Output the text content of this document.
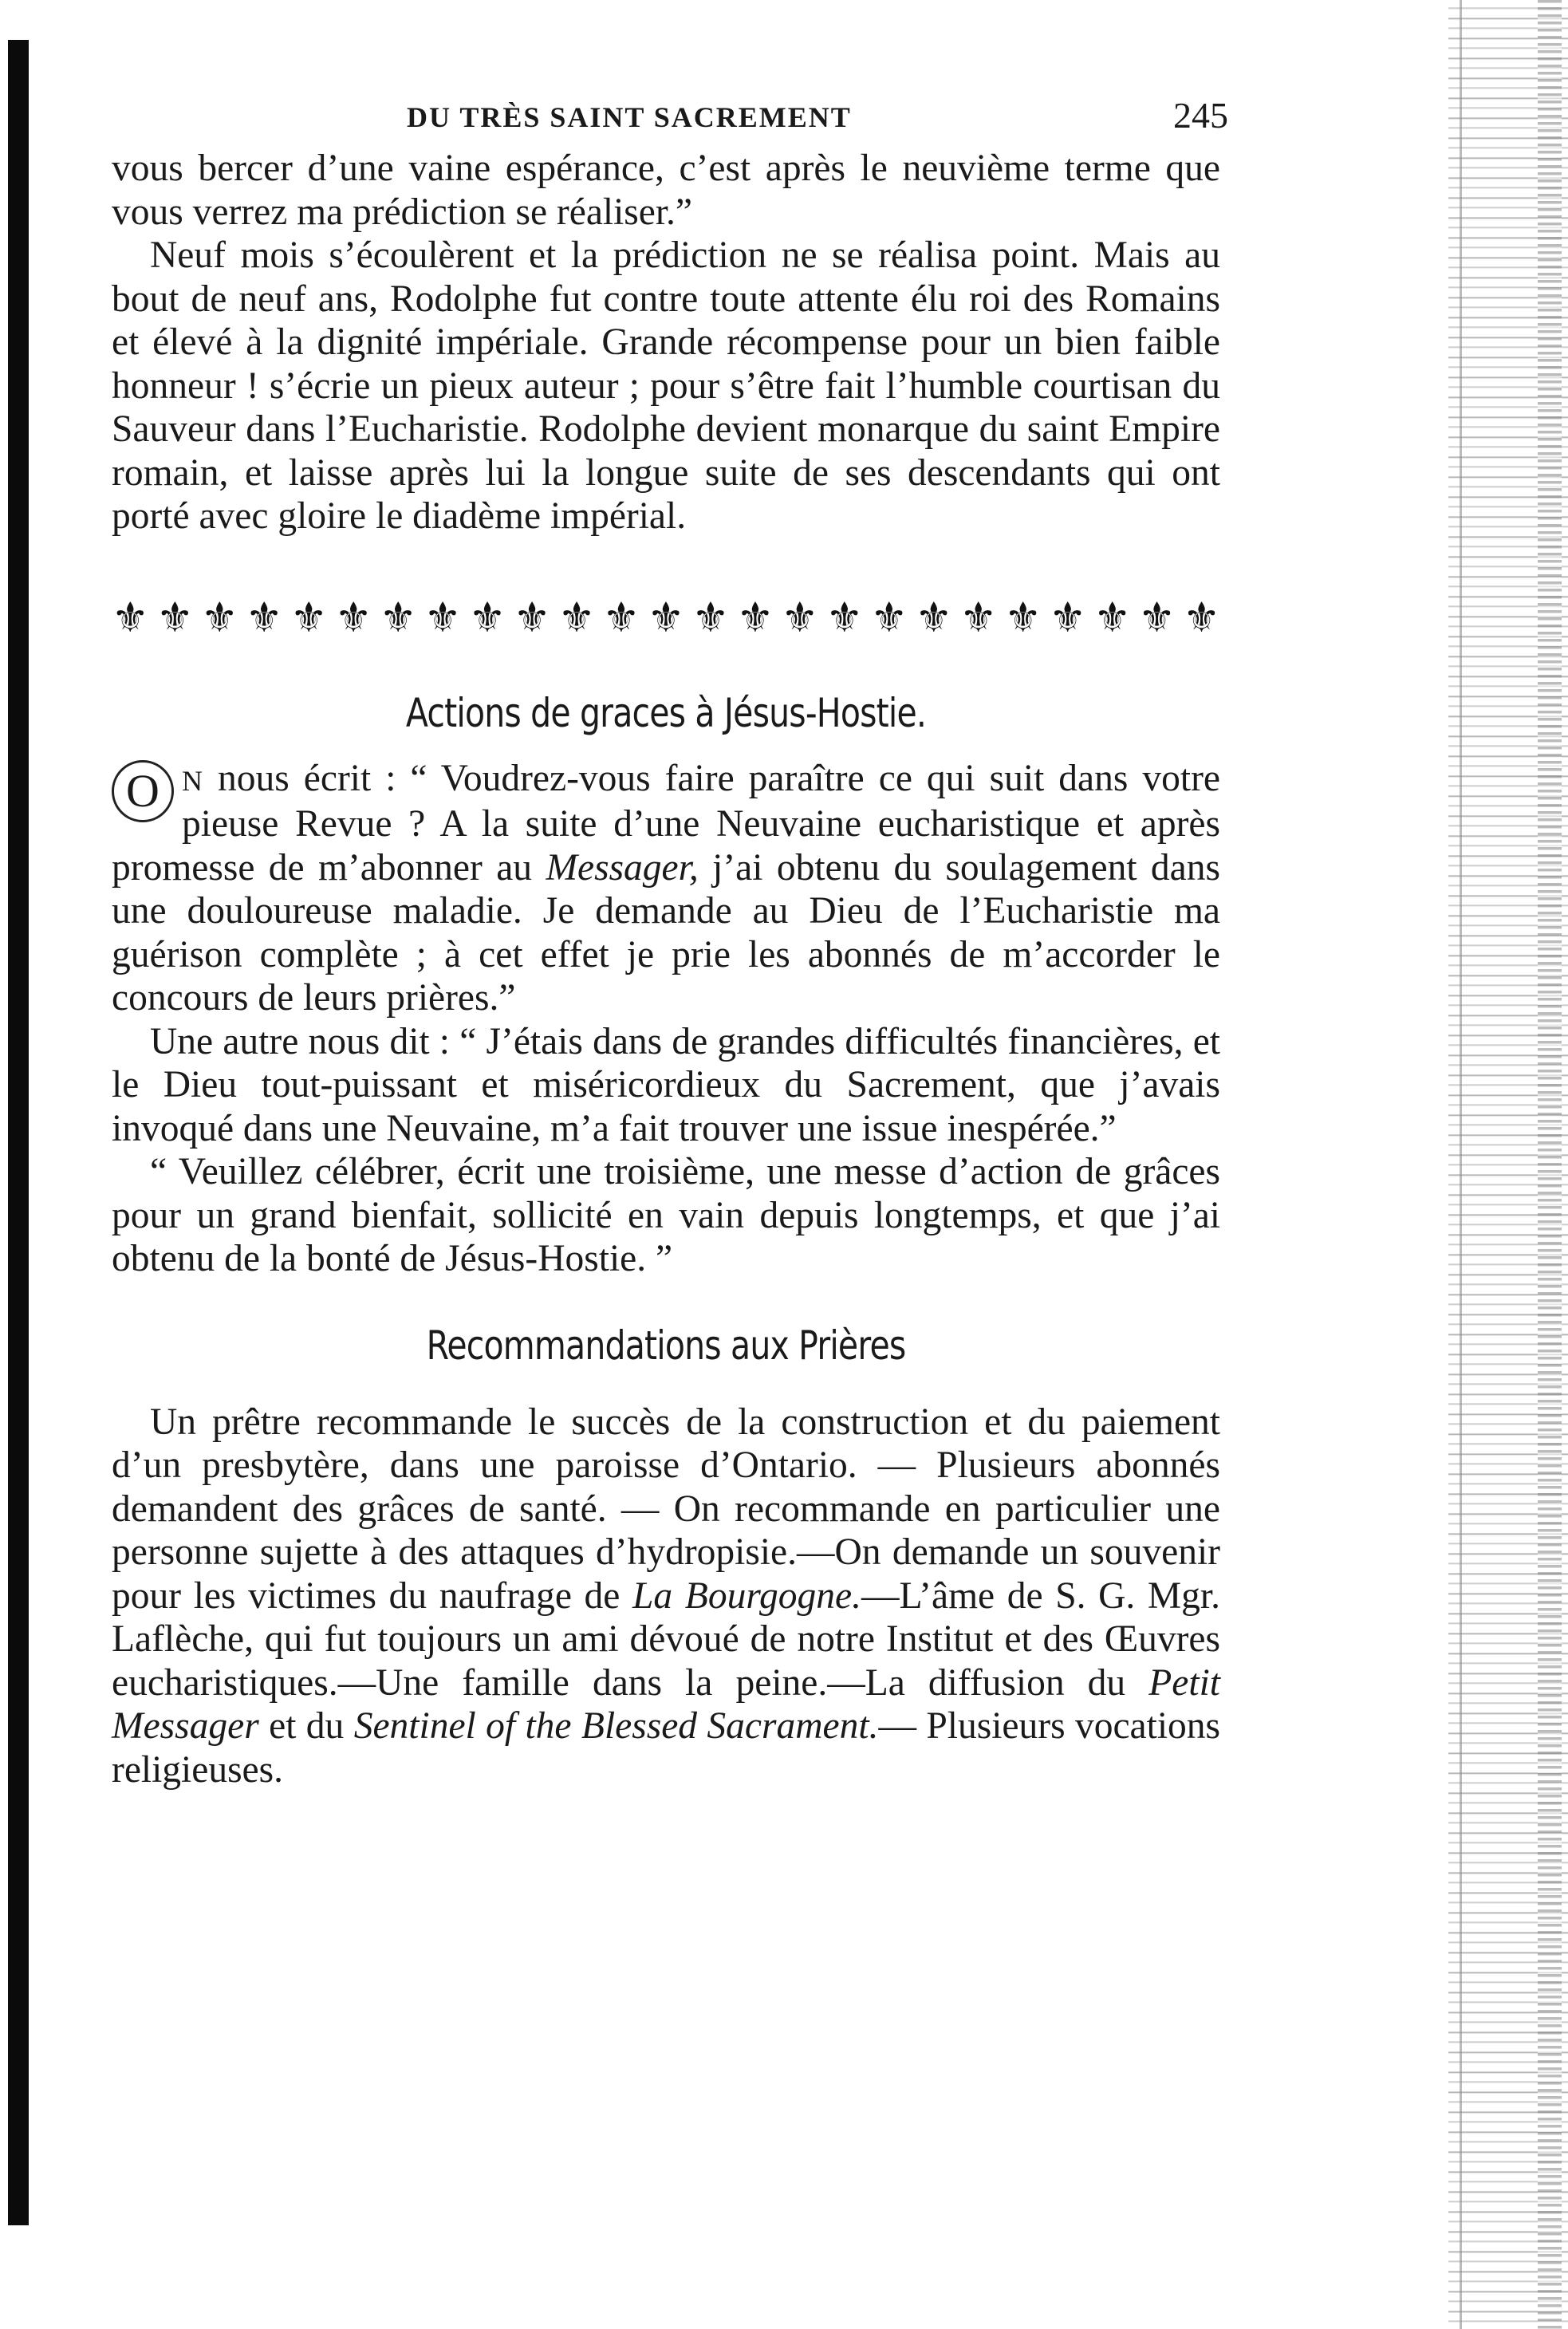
DU TRÈS SAINT SACREMENT	245

vous bercer d’une vaine espérance, c’est après le neuvième terme que vous verrez ma prédiction se réaliser.”

Neuf mois s’écoulèrent et la prédiction ne se réalisa point. Mais au bout de neuf ans, Rodolphe fut contre toute attente élu roi des Romains et élevé à la dignité impériale. Grande récompense pour un bien faible honneur ! s’écrie un pieux auteur ; pour s’être fait l’humble courtisan du Sauveur dans l’Eucharistie. Rodolphe devient monarque du saint Empire romain, et laisse après lui la longue suite de ses descendants qui ont porté avec gloire le diadème impérial.

⚜ ⚜ ⚜ ⚜ ⚜ ⚜ ⚜ ⚜ ⚜ ⚜ ⚜ ⚜ ⚜ ⚜ ⚜ ⚜ ⚜ ⚜ ⚜ ⚜ ⚜ ⚜ ⚜ ⚜ ⚜
Actions de graces à Jésus-Hostie.

O N nous écrit : “ Voudrez-vous faire paraître ce qui suit dans votre pieuse Revue ? A la suite d’une Neuvaine eucharistique et après promesse de m’abonner au Messager, j’ai obtenu du soulagement dans une douloureuse maladie. Je demande au Dieu de l’Eucharistie ma guérison complète ; à cet effet je prie les abonnés de m’accorder le concours de leurs prières.”

Une autre nous dit : “ J’étais dans de grandes difficultés financières, et le Dieu tout-puissant et miséricordieux du Sacrement, que j’avais invoqué dans une Neuvaine, m’a fait trouver une issue inespérée.”

“ Veuillez célébrer, écrit une troisième, une messe d’action de grâces pour un grand bienfait, sollicité en vain depuis longtemps, et que j’ai obtenu de la bonté de Jésus-Hostie. ”

Recommandations aux Prières

Un prêtre recommande le succès de la construction et du paiement d’un presbytère, dans une paroisse d’Ontario. — Plusieurs abonnés demandent des grâces de santé. — On recommande en particulier une personne sujette à des attaques d’hydropisie.—On demande un souvenir pour les victimes du naufrage de La Bourgogne.—L’âme de S. G. Mgr. Laflèche, qui fut toujours un ami dévoué de notre Institut et des Œuvres eucharistiques.—Une famille dans la peine.—La diffusion du Petit Messager et du Sentinel of the Blessed Sacrament.— Plusieurs vocations religieuses.
